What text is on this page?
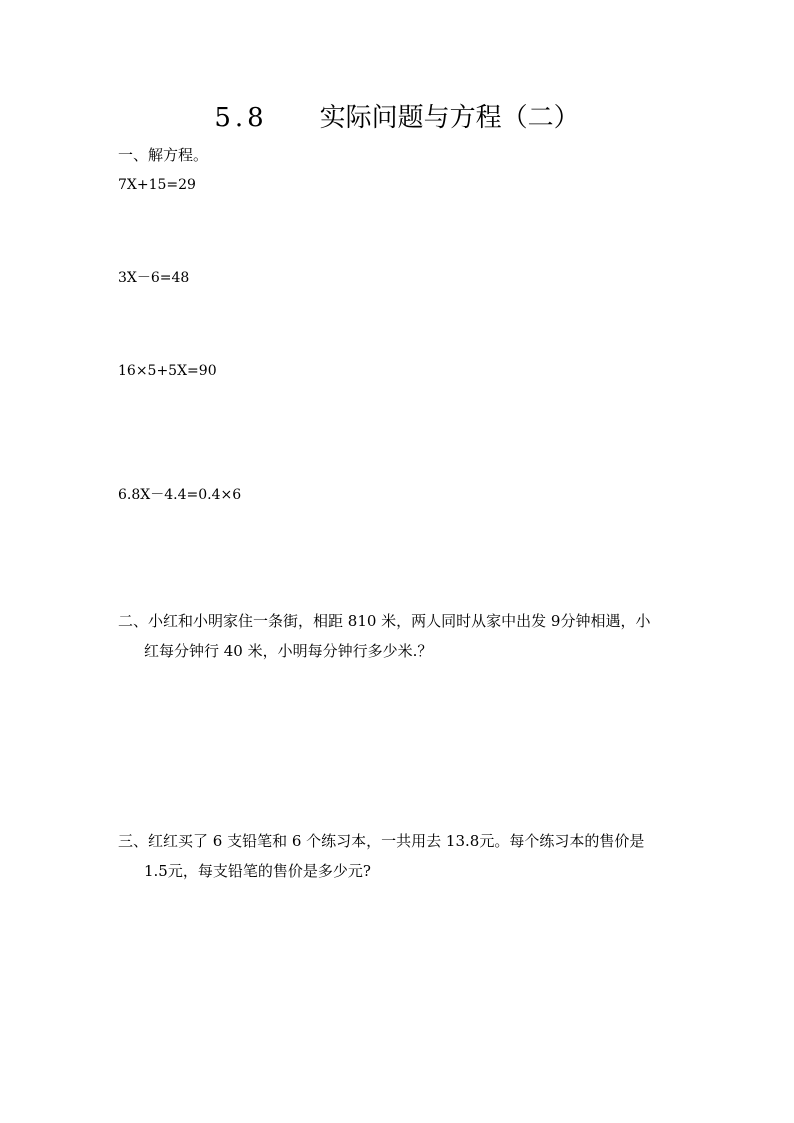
5.8 实际问题与方程（二）
一、解方程。
7X+15=29
3X－6=48
16×5+5X=90
6.8X－4.4=0.4×6
二、小红和小明家住一条街，相距 810 米，两人同时从家中出发 9分钟相遇，小
红每分钟行 40 米，小明每分钟行多少米.？
三、红红买了 6 支铅笔和 6 个练习本，一共用去 13.8元。每个练习本的售价是
1.5元，每支铅笔的售价是多少元?
